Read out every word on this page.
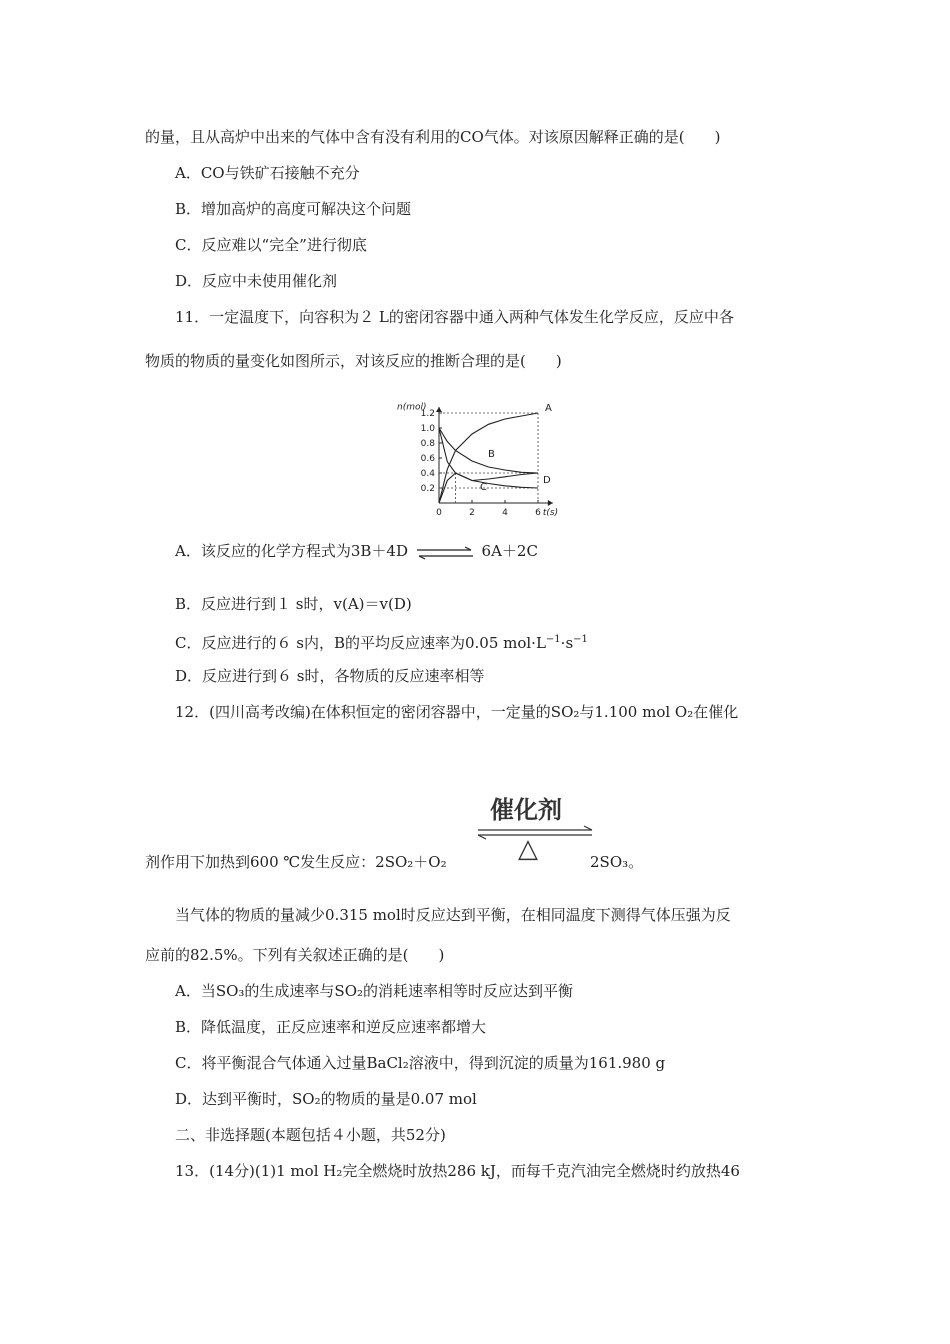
的量，且从高炉中出来的气体中含有没有利用的CO气体。对该原因解释正确的是(　　)
A．CO与铁矿石接触不充分
B．增加高炉的高度可解决这个问题
C．反应难以“完全”进行彻底
D．反应中未使用催化剂
11．一定温度下，向容积为２ L的密闭容器中通入两种气体发生化学反应，反应中各
物质的物质的量变化如图所示，对该反应的推断合理的是(　　)
0.2
0.4
0.6
0.8
1.0
1.2
0	2	4	6
n(mol)
t(s)
A
B
C
D
A．该反应的化学方程式为3B＋4D ⇌ 6A＋2C
B．反应进行到１ s时，v(A)＝v(D)
C．反应进行的６ s内，B的平均反应速率为0.05 $mol\cdot L^{-1}\cdot s^{-1}$
D．反应进行到６ s时，各物质的反应速率相等
12．(四川高考改编)在体积恒定的密闭容器中，一定量的SO₂与1.100 mol O₂在催化
催化剂
△
剂作用下加热到600 ℃发生反应：2SO₂＋O₂	2SO₃。
当气体的物质的量减少0.315 mol时反应达到平衡，在相同温度下测得气体压强为反
应前的82.5%。下列有关叙述正确的是(　　)
A．当SO₃的生成速率与SO₂的消耗速率相等时反应达到平衡
B．降低温度，正反应速率和逆反应速率都增大
C．将平衡混合气体通入过量BaCl₂溶液中，得到沉淀的质量为161.980 g
D．达到平衡时，SO₂的物质的量是0.07 mol
二、非选择题(本题包括４小题，共52分)
13．(14分)(1)1 mol H₂完全燃烧时放热286 kJ，而每千克汽油完全燃烧时约放热46
